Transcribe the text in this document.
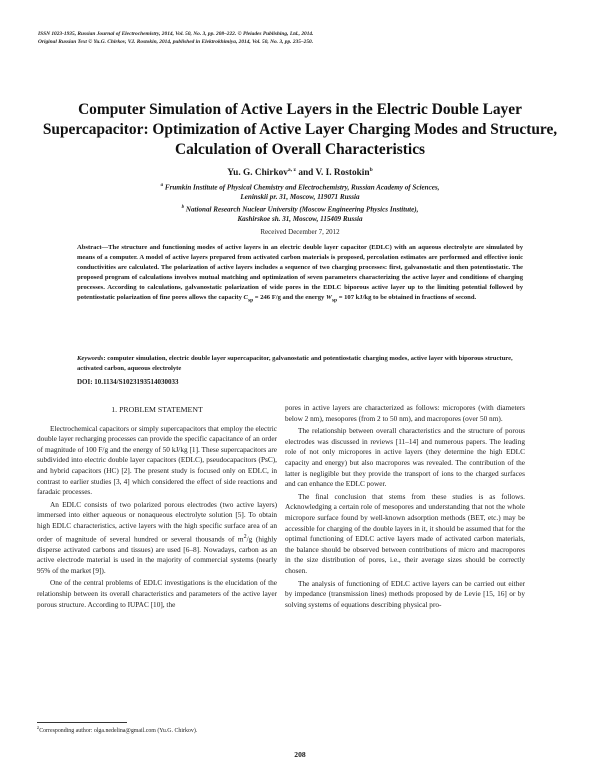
ISSN 1023-1935, Russian Journal of Electrochemistry, 2014, Vol. 50, No. 3, pp. 208–222. © Pleiades Publishing, Ltd., 2014.
Original Russian Text © Yu.G. Chirkov, V.I. Rostokin, 2014, published in Elektrokhimiya, 2014, Vol. 50, No. 3, pp. 235–250.
Computer Simulation of Active Layers in the Electric Double Layer Supercapacitor: Optimization of Active Layer Charging Modes and Structure, Calculation of Overall Characteristics
Yu. G. Chirkov$^{a, z}$ and V. I. Rostokin$^b$
$^a$ Frumkin Institute of Physical Chemistry and Electrochemistry, Russian Academy of Sciences,
Leninskii pr. 31, Moscow, 119071 Russia
$^b$ National Research Nuclear University (Moscow Engineering Physics Institute),
Kashirskoe sh. 31, Moscow, 115409 Russia
Received December 7, 2012
Abstract—The structure and functioning modes of active layers in an electric double layer capacitor (EDLC) with an aqueous electrolyte are simulated by means of a computer. A model of active layers prepared from activated carbon materials is proposed, percolation estimates are performed and effective ionic conductivities are calculated. The polarization of active layers includes a sequence of two charging processes: first, galvanostatic and then potentiostatic. The proposed program of calculations involves mutual matching and optimization of seven parameters characterizing the active layer and conditions of charging processes. According to calculations, galvanostatic polarization of wide pores in the EDLC biporous active layer up to the limiting potential followed by potentiostatic polarization of fine pores allows the capacity $C_{sp} = 246$ F/g and the energy $W_{sp} = 107$ kJ/kg to be obtained in fractions of second.
Keywords: computer simulation, electric double layer supercapacitor, galvanostatic and potentiostatic charging modes, active layer with biporous structure, activated carbon, aqueous electrolyte
DOI: 10.1134/S1023193514030033
1. PROBLEM STATEMENT

Electrochemical capacitors or simply supercapacitors that employ the electric double layer recharging processes can provide the specific capacitance of an order of magnitude of 100 F/g and the energy of 50 kJ/kg [1]. These supercapacitors are subdivided into electric double layer capacitors (EDLC), pseudocapacitors (PsC), and hybrid capacitors (HC) [2]. The present study is focused only on EDLC, in contrast to earlier studies [3, 4] which considered the effect of side reactions and faradaic processes.

An EDLC consists of two polarized porous electrodes (two active layers) immersed into either aqueous or nonaqueous electrolyte solution [5]. To obtain high EDLC characteristics, active layers with the high specific surface area of an order of magnitude of several hundred or several thousands of $m^2/g$ (highly disperse activated carbons and tissues) are used [6–8]. Nowadays, carbon as an active electrode material is used in the majority of commercial systems (nearly 95% of the market [9]).

One of the central problems of EDLC investigations is the elucidation of the relationship between its overall characteristics and parameters of the active layer porous structure. According to IUPAC [10], the

pores in active layers are characterized as follows: micropores (with diameters below 2 nm), mesopores (from 2 to 50 nm), and macropores (over 50 nm).

The relationship between overall characteristics and the structure of porous electrodes was discussed in reviews [11–14] and numerous papers. The leading role of not only micropores in active layers (they determine the high EDLC capacity and energy) but also macropores was revealed. The contribution of the latter is negligible but they provide the transport of ions to the charged surfaces and can enhance the EDLC power.

The final conclusion that stems from these studies is as follows. Acknowledging a certain role of mesopores and understanding that not the whole micropore surface found by well-known adsorption methods (BET, etc.) may be accessible for charging of the double layers in it, it should be assumed that for the optimal functioning of EDLC active layers made of activated carbon materials, the balance should be observed between contributions of micro and macropores in the size distribution of pores, i.e., their average sizes should be correctly chosen.

The analysis of functioning of EDLC active layers can be carried out either by impedance (transmission lines) methods proposed by de Levie [15, 16] or by solving systems of equations describing physical pro-

$^z$Corresponding author: olga.nedelina@gmail.com (Yu.G. Chirkov).
208
